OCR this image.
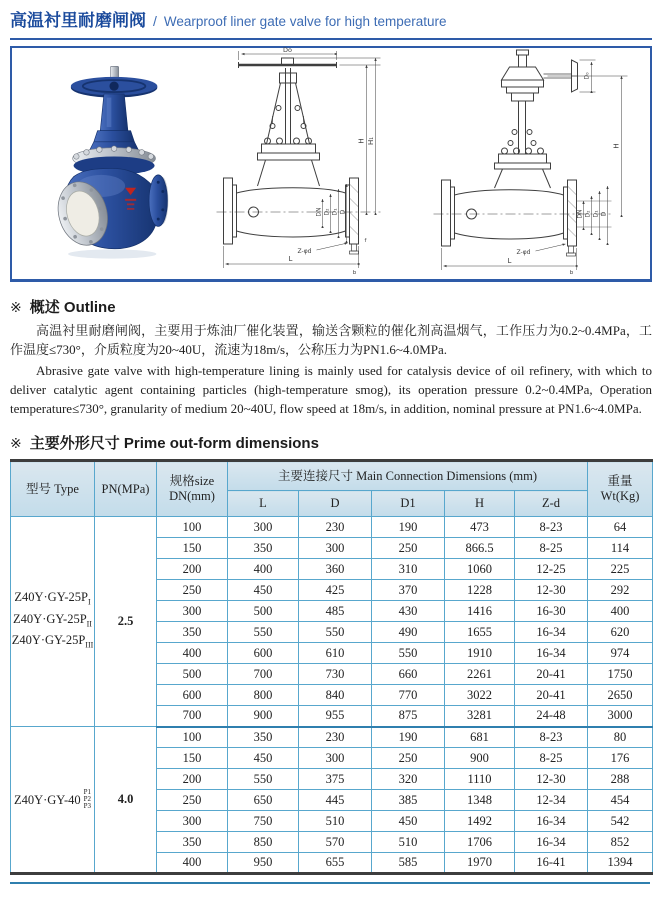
高温衬里耐磨闸阀 / Wearproof liner gate valve for high temperature
Do
H H₁
DN D₂ D₁ D
L
Z-φd
f
b
D₀
H
DN D₂ D₁ D
L
Z-φd
b
※ 概述 Outline

高温衬里耐磨闸阀，主要用于炼油厂催化装置，输送含颗粒的催化剂高温烟气，工作压力为0.2~0.4MPa，工作温度≤730°，介质粒度为20~40U，流速为18m/s，公称压力为PN1.6~4.0MPa.

Abrasive gate valve with high-temperature lining is mainly used for catalysis device of oil refinery, with which to deliver catalytic agent containing particles (high-temperature smog), its operation pressure 0.2~0.4MPa, Operation temperature≤730°, granularity of medium 20~40U, flow speed at 18m/s, in addition, nominal pressure at PN1.6~4.0MPa.

※ 主要外形尺寸 Prime out-form dimensions
型号 Type	PN(MPa)	
规格size
DN(mm)
	主要连接尺寸 Main Connection Dimensions (mm)	重量
Wt(Kg)

			L	D	D1	H	Z-d	

$Z40Y\cdot GY-25P_I$
$Z40Y\cdot GY-25P_{II}$
$Z40Y\cdot GY-25P_{III}$	2.5	100	300	230	190	473	8-23	64
		150	350	300	250	866.5	8-25	114
		200	400	360	310	1060	12-25	225
		250	450	425	370	1228	12-30	292
		300	500	485	430	1416	16-30	400
		350	550	550	490	1655	16-34	620
		400	600	610	550	1910	16-34	974
		500	700	730	660	2261	20-41	1750
		600	800	840	770	3022	20-41	2650
		700	900	955	875	3281	24-48	3000

Z40Y·GY-40
P1
P2
P3	4.0	100	350	230	190	681	8-23	80
		150	450	300	250	900	8-25	176
		200	550	375	320	1110	12-30	288
		250	650	445	385	1348	12-34	454
		300	750	510	450	1492	16-34	542
		350	850	570	510	1706	16-34	852
		400	950	655	585	1970	16-41	1394
